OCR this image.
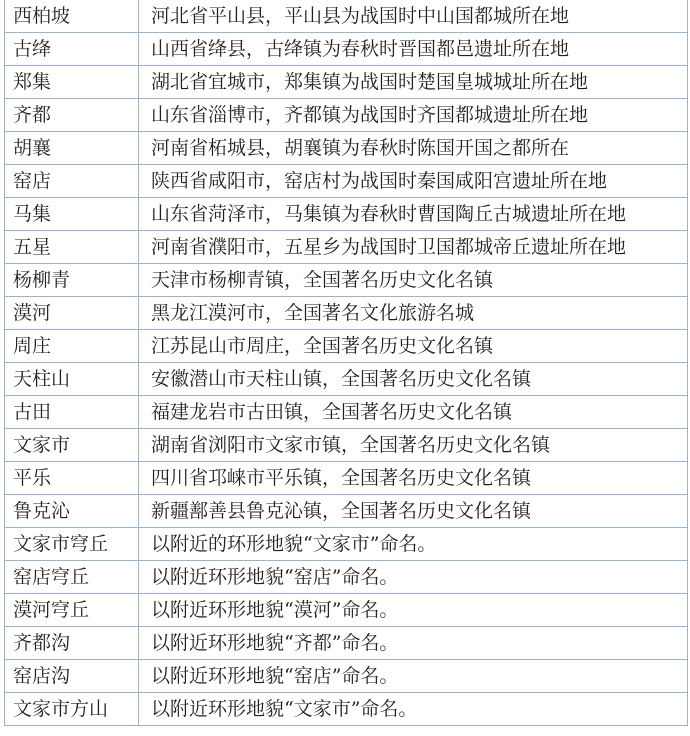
西柏坡	河北省平山县，平山县为战国时中山国都城所在地
古绛	山西省绛县，古绛镇为春秋时晋国都邑遗址所在地
郑集	湖北省宜城市，郑集镇为战国时楚国皇城城址所在地
齐都	山东省淄博市，齐都镇为战国时齐国都城遗址所在地
胡襄	河南省柘城县，胡襄镇为春秋时陈国开国之都所在
窑店	陕西省咸阳市，窑店村为战国时秦国咸阳宫遗址所在地
马集	山东省菏泽市，马集镇为春秋时曹国陶丘古城遗址所在地
五星	河南省濮阳市，五星乡为战国时卫国都城帝丘遗址所在地
杨柳青	天津市杨柳青镇，全国著名历史文化名镇
漠河	黑龙江漠河市，全国著名文化旅游名城
周庄	江苏昆山市周庄，全国著名历史文化名镇
天柱山	安徽潜山市天柱山镇，全国著名历史文化名镇
古田	福建龙岩市古田镇，全国著名历史文化名镇
文家市	湖南省浏阳市文家市镇，全国著名历史文化名镇
平乐	四川省邛崃市平乐镇，全国著名历史文化名镇
鲁克沁	新疆鄯善县鲁克沁镇，全国著名历史文化名镇
文家市穹丘	以附近的环形地貌“文家市”命名。
窑店穹丘	以附近环形地貌“窑店”命名。
漠河穹丘	以附近环形地貌“漠河”命名。
齐都沟	以附近环形地貌“齐都”命名。
窑店沟	以附近环形地貌“窑店”命名。
文家市方山	以附近环形地貌“文家市”命名。
